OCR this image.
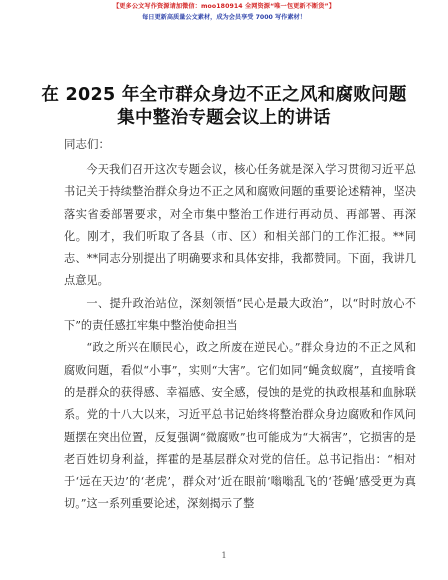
【更多公文写作资源请加微信：moo180914 全网资源“唯一包更新不断货”】
每日更新高质量公文素材，成为会员享受 7000 写作素材！
在 2025 年全市群众身边不正之风和腐败问题集中整治专题会议上的讲话
同志们：

今天我们召开这次专题会议，核心任务就是深入学习贯彻习近平总书记关于持续整治群众身边不正之风和腐败问题的重要论述精神，坚决落实省委部署要求，对全市集中整治工作进行再动员、再部署、再深化。刚才，我们听取了各县（市、区）和相关部门的工作汇报。**同志、**同志分别提出了明确要求和具体安排，我都赞同。下面，我讲几点意见。

一、提升政治站位，深刻领悟“民心是最大政治”，以“时时放心不下”的责任感扛牢集中整治使命担当

“政之所兴在顺民心，政之所废在逆民心。”群众身边的不正之风和腐败问题，看似“小事”，实则“大害”。它们如同“蝇贪蚁腐”，直接啃食的是群众的获得感、幸福感、安全感，侵蚀的是党的执政根基和血脉联系。党的十八大以来，习近平总书记始终将整治群众身边腐败和作风问题摆在突出位置，反复强调“微腐败”也可能成为“大祸害”，它损害的是老百姓切身利益，挥霍的是基层群众对党的信任。总书记指出：“相对于‘远在天边’的‘老虎’，群众对‘近在眼前’嗡嗡乱飞的‘苍蝇’感受更为真切。”这一系列重要论述，深刻揭示了整

1
